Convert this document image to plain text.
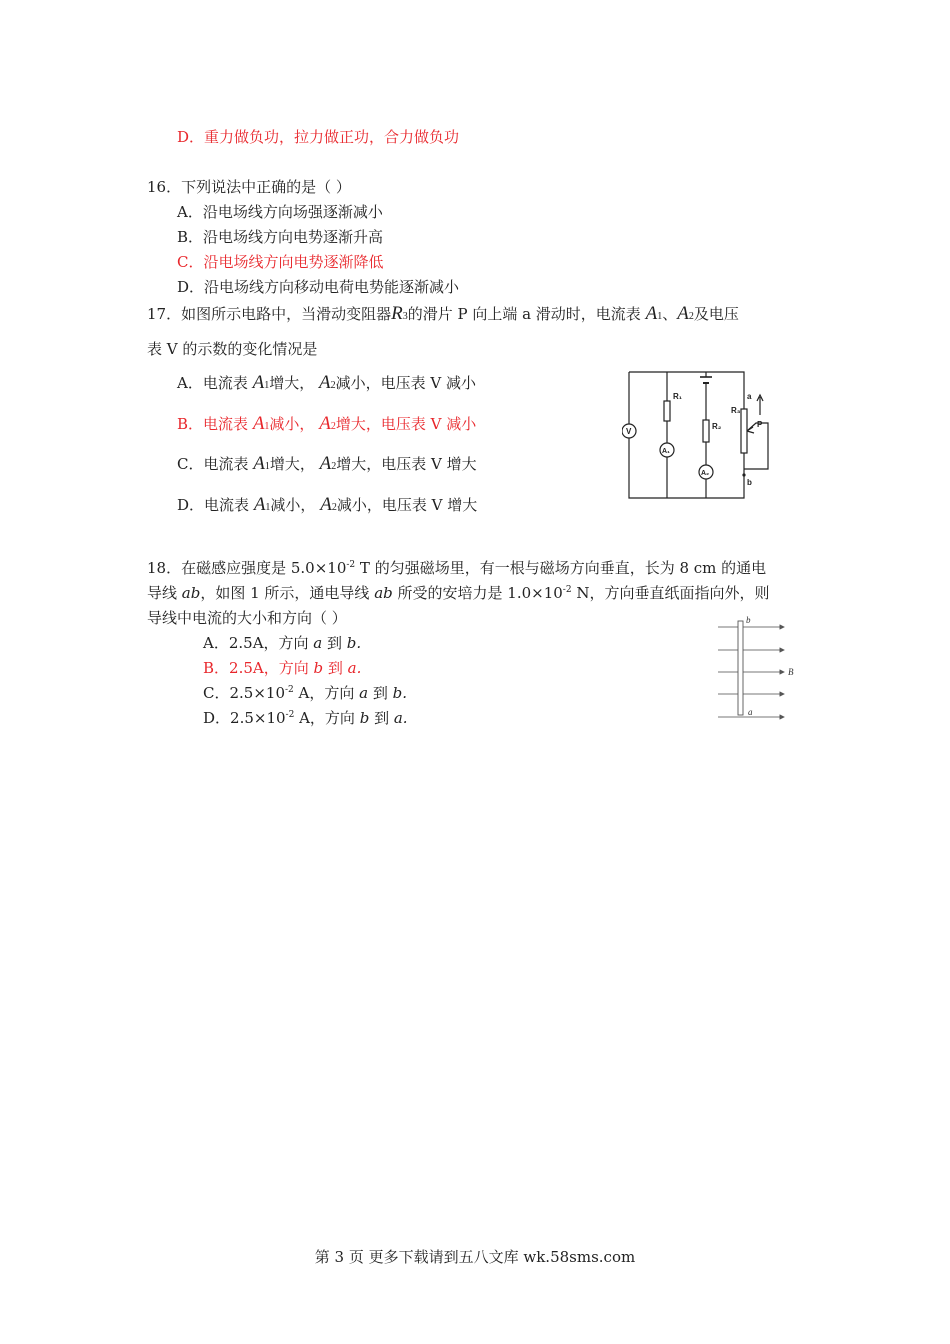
D．重力做负功，拉力做正功，合力做负功
16．下列说法中正确的是（ ）
A．沿电场线方向场强逐渐减小
B．沿电场线方向电势逐渐升高
C．沿电场线方向电势逐渐降低
D．沿电场线方向移动电荷电势能逐渐减小
17．如图所示电路中，当滑动变阻器R3的滑片 P 向上端 a 滑动时，电流表 A1、A2及电压
表 V 的示数的变化情况是
A．电流表 A1增大， A2减小，电压表 V 减小
B．电流表 A1减小， A2增大，电压表 V 减小
C．电流表 A1增大， A2增大，电压表 V 增大
D．电流表 A1减小， A2减小，电压表 V 增大
R₁
R₂
R₃
a
b
P
V
A₁
A₂
18．在磁感应强度是 $5.0\times 10^{-2}$ T 的匀强磁场里，有一根与磁场方向垂直，长为 8 cm 的通电
导线 ab，如图 1 所示，通电导线 ab 所受的安培力是 $1.0\times 10^{-2}$ N，方向垂直纸面指向外，则
导线中电流的大小和方向（ ）
A．2.5A，方向 a 到 b.
B．2.5A，方向 b 到 a.
C．$2.5\times 10^{-2}$ A，方向 a 到 b.
D．$2.5\times 10^{-2}$ A，方向 b 到 a.
b
a
B
第 3 页 更多下载请到五八文库 wk.58sms.com
